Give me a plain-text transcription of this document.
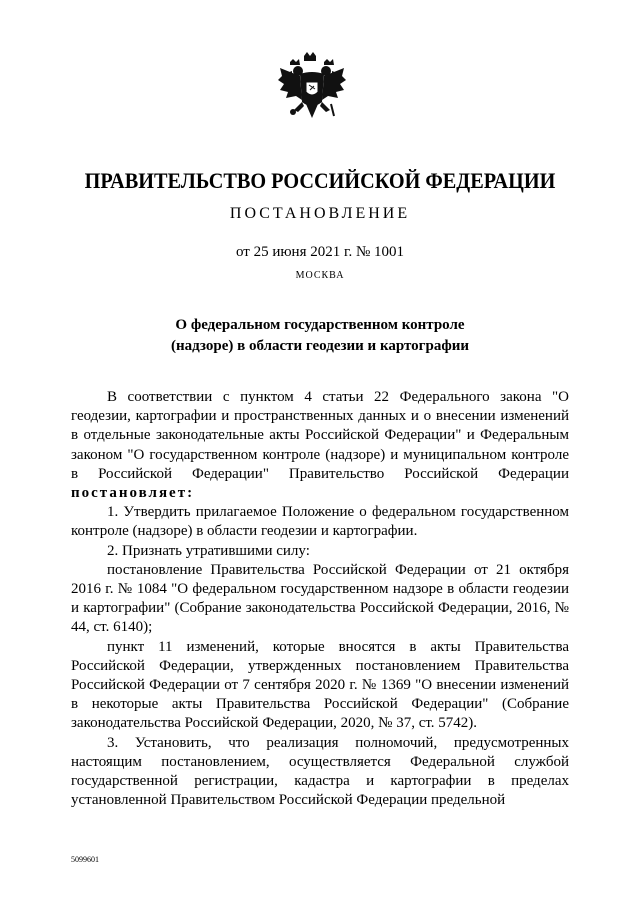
ПРАВИТЕЛЬСТВО РОССИЙСКОЙ ФЕДЕРАЦИИ
ПОСТАНОВЛЕНИЕ
от 25 июня 2021 г. № 1001
МОСКВА
О федеральном государственном контроле
(надзоре) в области геодезии и картографии

В соответствии с пунктом 4 статьи 22 Федерального закона "О геодезии, картографии и пространственных данных и о внесении изменений в отдельные законодательные акты Российской Федерации" и Федеральным законом "О государственном контроле (надзоре) и муниципальном контроле в Российской Федерации" Правительство Российской Федерации постановляет:

1. Утвердить прилагаемое Положение о федеральном государственном контроле (надзоре) в области геодезии и картографии.

2. Признать утратившими силу:

постановление Правительства Российской Федерации от 21 октября 2016 г. № 1084 "О федеральном государственном надзоре в области геодезии и картографии" (Собрание законодательства Российской Федерации, 2016, № 44, ст. 6140);

пункт 11 изменений, которые вносятся в акты Правительства Российской Федерации, утвержденных постановлением Правительства Российской Федерации от 7 сентября 2020 г. № 1369 "О внесении изменений в некоторые акты Правительства Российской Федерации" (Собрание законодательства Российской Федерации, 2020, № 37, ст. 5742).

3. Установить, что реализация полномочий, предусмотренных настоящим постановлением, осуществляется Федеральной службой государственной регистрации, кадастра и картографии в пределах установленной Правительством Российской Федерации предельной

5099601
